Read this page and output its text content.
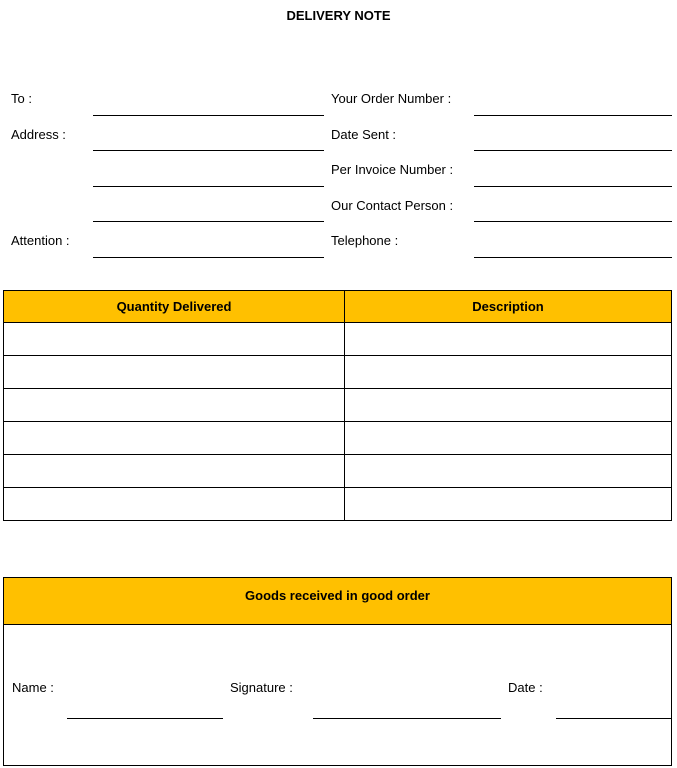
DELIVERY NOTE
To :
Address :
Attention :
Your Order Number :
Date Sent :
Per Invoice Number :
Our Contact Person :
Telephone :
Quantity Delivered	Description

Goods received in good order
Name :	Signature :	Date :
